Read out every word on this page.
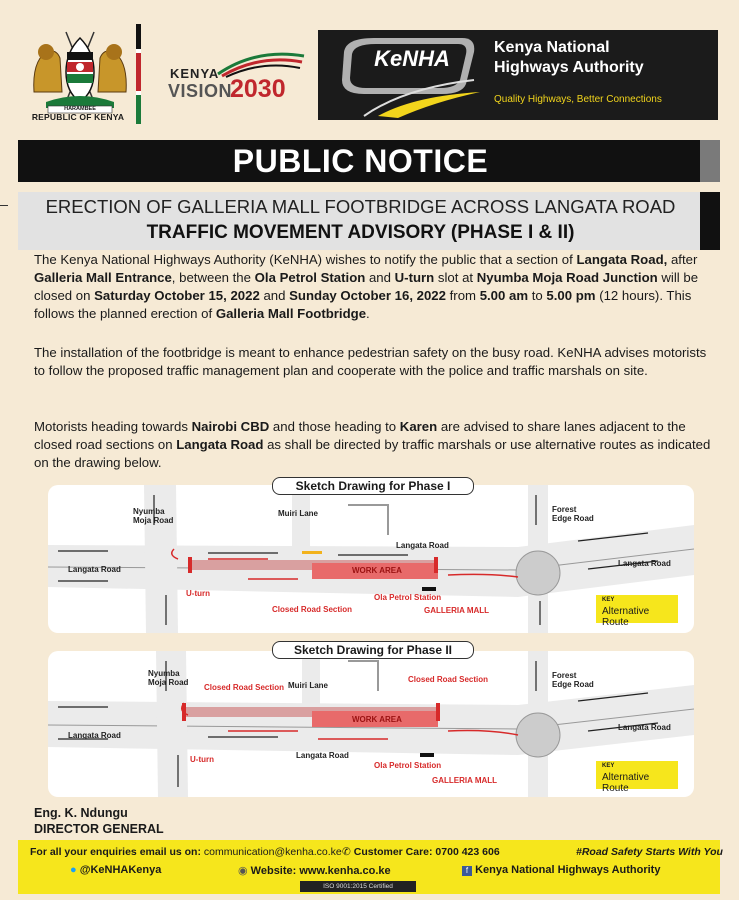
HARAMBEE
REPUBLIC OF KENYA
KENYA
VISION
2030
KeNHA	Kenya National
Highways Authority
Quality Highways, Better Connections
PUBLIC NOTICE
ERECTION OF GALLERIA MALL FOOTBRIDGE ACROSS LANGATA ROAD
TRAFFIC MOVEMENT ADVISORY (PHASE I & II)
The Kenya National Highways Authority (KeNHA) wishes to notify the public that a section of Langata Road, after Galleria Mall Entrance, between the Ola Petrol Station and U-turn slot at Nyumba Moja Road Junction will be closed on Saturday October 15, 2022 and Sunday October 16, 2022 from 5.00 am to 5.00 pm (12 hours). This follows the planned erection of Galleria Mall Footbridge.
The installation of the footbridge is meant to enhance pedestrian safety on the busy road. KeNHA advises motorists to follow the proposed traffic management plan and cooperate with the police and traffic marshals on site.
Motorists heading towards Nairobi CBD and those heading to Karen are advised to share lanes adjacent to the closed road sections on Langata Road as shall be directed by traffic marshals or use alternative routes as indicated on the drawing below.
Nyumba
Moja Road
Muiri Lane	Forest
Edge Road
Langata Road
Langata Road
Langata Road
WORK AREA
U-turn
Closed Road Section
Ola Petrol Station
GALLERIA MALL
KEY
Alternative Route
Sketch Drawing for Phase I
Nyumba
Moja Road	Muiri Lane
Forest
Edge Road
Langata Road
Langata Road
Langata Road
WORK AREA
U-turn
Closed Road Section
Closed Road Section
Ola Petrol Station
GALLERIA MALL
KEY
Alternative Route
Sketch Drawing for Phase II
Eng. K. Ndungu
DIRECTOR GENERAL
For all your enquiries email us on: communication@kenha.co.ke ✆ Customer Care: 0700 423 606	#Road Safety Starts With You
● @KeNHAKenya	◉ Website: www.kenha.co.ke	f Kenya National Highways Authority
ISO 9001:2015 Certified
